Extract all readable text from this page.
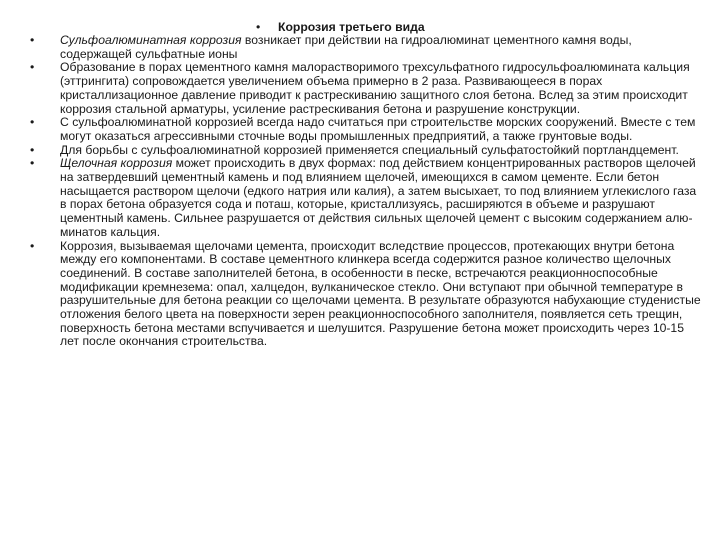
• Коррозия третьего вида
•	Сульфоалюминатная коррозия возникает при действии на гидроалюминат цементного камня воды, содержащей сульфатные ионы
•	Образование в порах цементного камня малорастворимого трехсульфатного гидросульфоалюмината кальция (эттрингита) сопровождается увеличением объема примерно в 2 раза. Развивающееся в порах кристаллизационное давление приводит к растрескиванию защитного слоя бетона. Вслед за этим происходит коррозия стальной арматуры, усиление растрескивания бетона и разрушение конструкции.
•	С сульфоалюминатной коррозией всегда надо считаться при строительстве морских сооружений. Вместе с тем могут оказаться агрессивными сточные воды промышленных предприятий, а также грунтовые воды.
•	Для борьбы с сульфоалюминатной коррозией применяется специальный сульфатостойкий портландцемент.
•	Щелочная коррозия может происходить в двух формах: под действием концентрированных растворов щелочей на затвердевший цементный камень и под влиянием щелочей, имеющихся в самом цементе. Если бетон насыщается раствором щелочи (едкого натрия или калия), а затем высыхает, то под влиянием углекислого газа в порах бетона образуется сода и поташ, которые, кристаллизуясь, расширяются в объеме и разрушают цементный камень. Сильнее разрушается от действия сильных щелочей цемент с высоким содержанием алю-минатов кальция.
•	Коррозия, вызываемая щелочами цемента, происходит вследствие процессов, протекающих внутри бетона между его компонентами. В составе цементного клинкера всегда содержится разное количество щелочных соединений. В составе заполнителей бетона, в особенности в песке, встречаются реакционноспособные модификации кремнезема: опал, халцедон, вулканическое стекло. Они вступают при обычной температуре в разрушительные для бетона реакции со щелочами цемента. В результате образуются набухающие студенистые отложения белого цвета на поверхности зерен реакционноспособного заполнителя, появляется сеть трещин, поверхность бетона местами вспучивается и шелушится. Разрушение бетона может происходить через 10-15 лет после окончания строительства.
